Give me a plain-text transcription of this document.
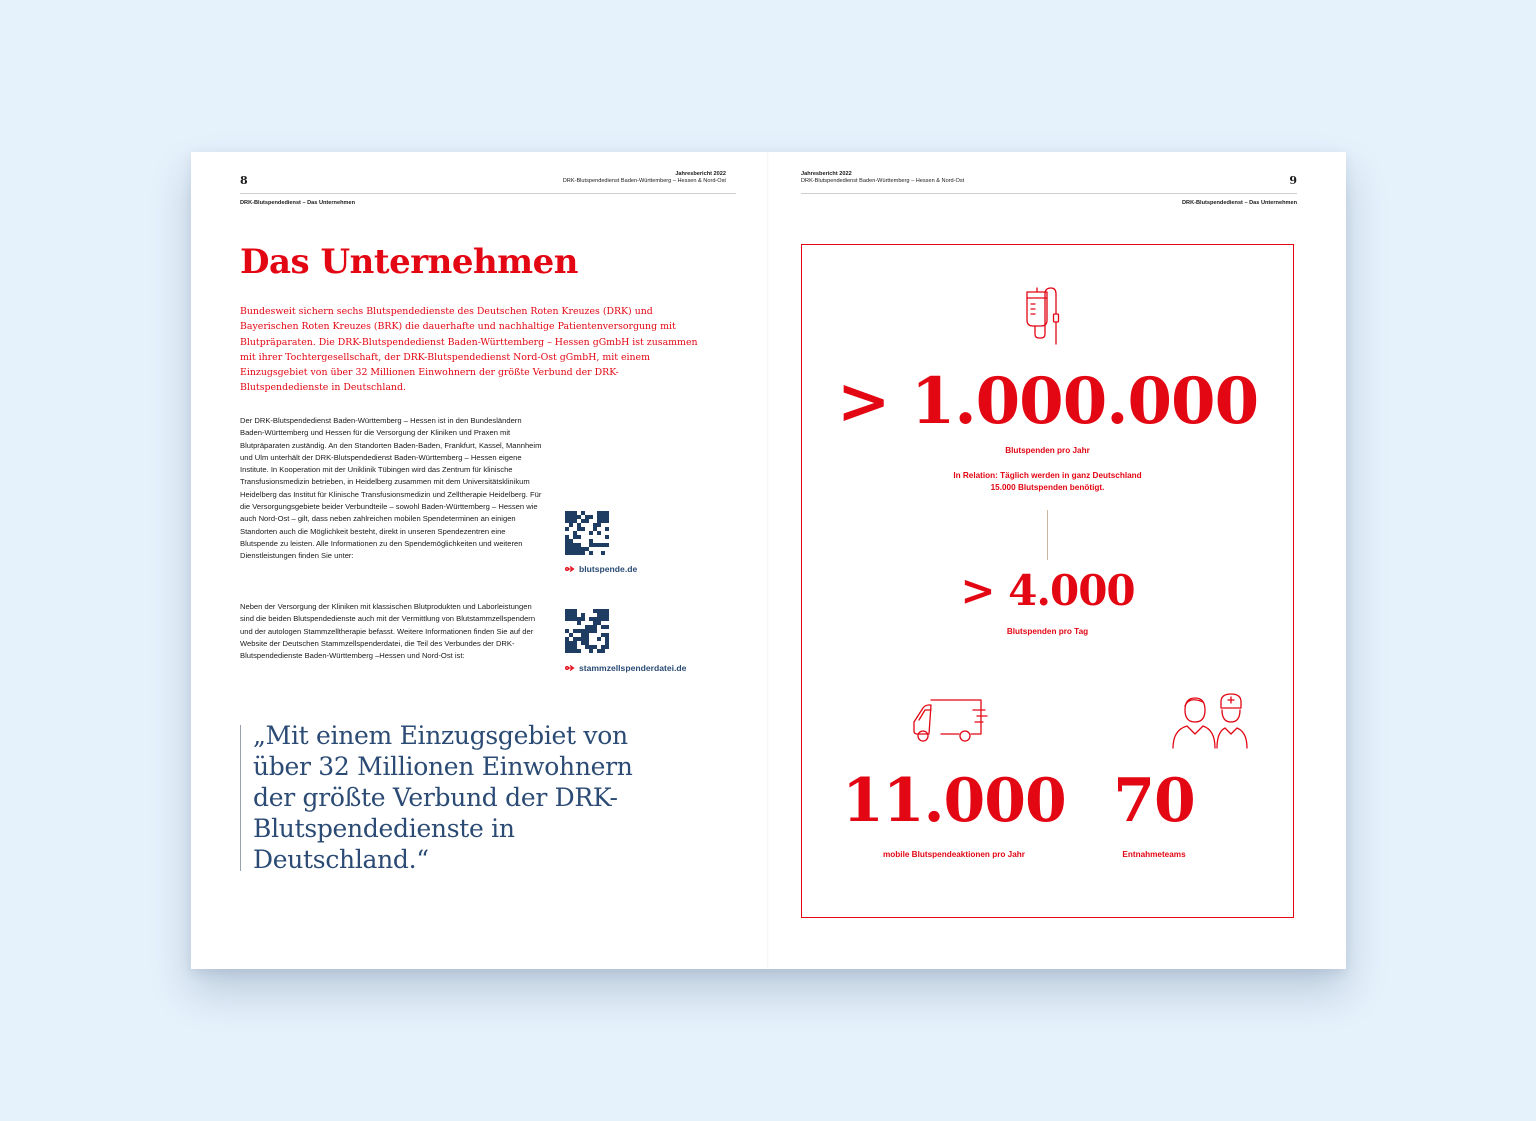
8	Jahresbericht 2022
DRK-Blutspendedienst Baden-Württemberg – Hessen & Nord-Ost
DRK-Blutspendedienst – Das Unternehmen
Das Unternehmen
Bundesweit sichern sechs Blutspendedienste des Deutschen Roten Kreuzes (DRK) und Bayerischen Roten Kreuzes (BRK) die dauerhafte und nachhaltige Patientenversorgung mit Blutpräparaten. Die DRK-Blutspendedienst Baden-Württemberg – Hessen gGmbH ist zusammen mit ihrer Tochtergesellschaft, der DRK-Blutspendedienst Nord-Ost gGmbH, mit einem Einzugsgebiet von über 32 Millionen Einwohnern der größte Verbund der DRK-Blutspendedienste in Deutschland.
Der DRK-Blutspendedienst Baden-Württemberg – Hessen ist in den Bundesländern Baden-Württemberg und Hessen für die Versorgung der Kliniken und Praxen mit Blutpräparaten zuständig. An den Standorten Baden-Baden, Frankfurt, Kassel, Mannheim und Ulm unterhält der DRK-Blutspendedienst Baden-Württemberg – Hessen eigene Institute. In Kooperation mit der Uniklinik Tübingen wird das Zentrum für klinische Transfusionsmedizin betrieben, in Heidelberg zusammen mit dem Universitätsklinikum Heidelberg das Institut für Klinische Transfusionsmedizin und Zelltherapie Heidelberg. Für die Versorgungsgebiete beider Verbundteile – sowohl Baden-Württemberg – Hessen wie auch Nord-Ost – gilt, dass neben zahlreichen mobilen Spendeterminen an einigen Standorten auch die Möglichkeit besteht, direkt in unseren Spendezentren eine Blutspende zu leisten. Alle Informationen zu den Spendemöglichkeiten und weiteren Dienstleistungen finden Sie unter:
blutspende.de
Neben der Versorgung der Kliniken mit klassischen Blutprodukten und Laborleistungen sind die beiden Blutspendedienste auch mit der Vermittlung von Blutstammzellspendern und der autologen Stammzelltherapie befasst. Weitere Informationen finden Sie auf der Website der Deutschen Stammzellspenderdatei, die Teil des Verbundes der DRK-Blutspendedienste Baden-Württemberg –Hessen und Nord-Ost ist:
stammzellspenderdatei.de
„Mit einem Einzugsgebiet von über 32 Millionen Einwohnern der größte Verbund der DRK-Blutspendedienste in Deutschland.“
Jahresbericht 2022
DRK-Blutspendedienst Baden-Württemberg – Hessen & Nord-Ost	9
DRK-Blutspendedienst – Das Unternehmen
> 1.000.000
Blutspenden pro Jahr
In Relation: Täglich werden in ganz Deutschland
15.000 Blutspenden benötigt.
> 4.000
Blutspenden pro Tag
11.000
mobile Blutspendeaktionen pro Jahr
70
Entnahmeteams
